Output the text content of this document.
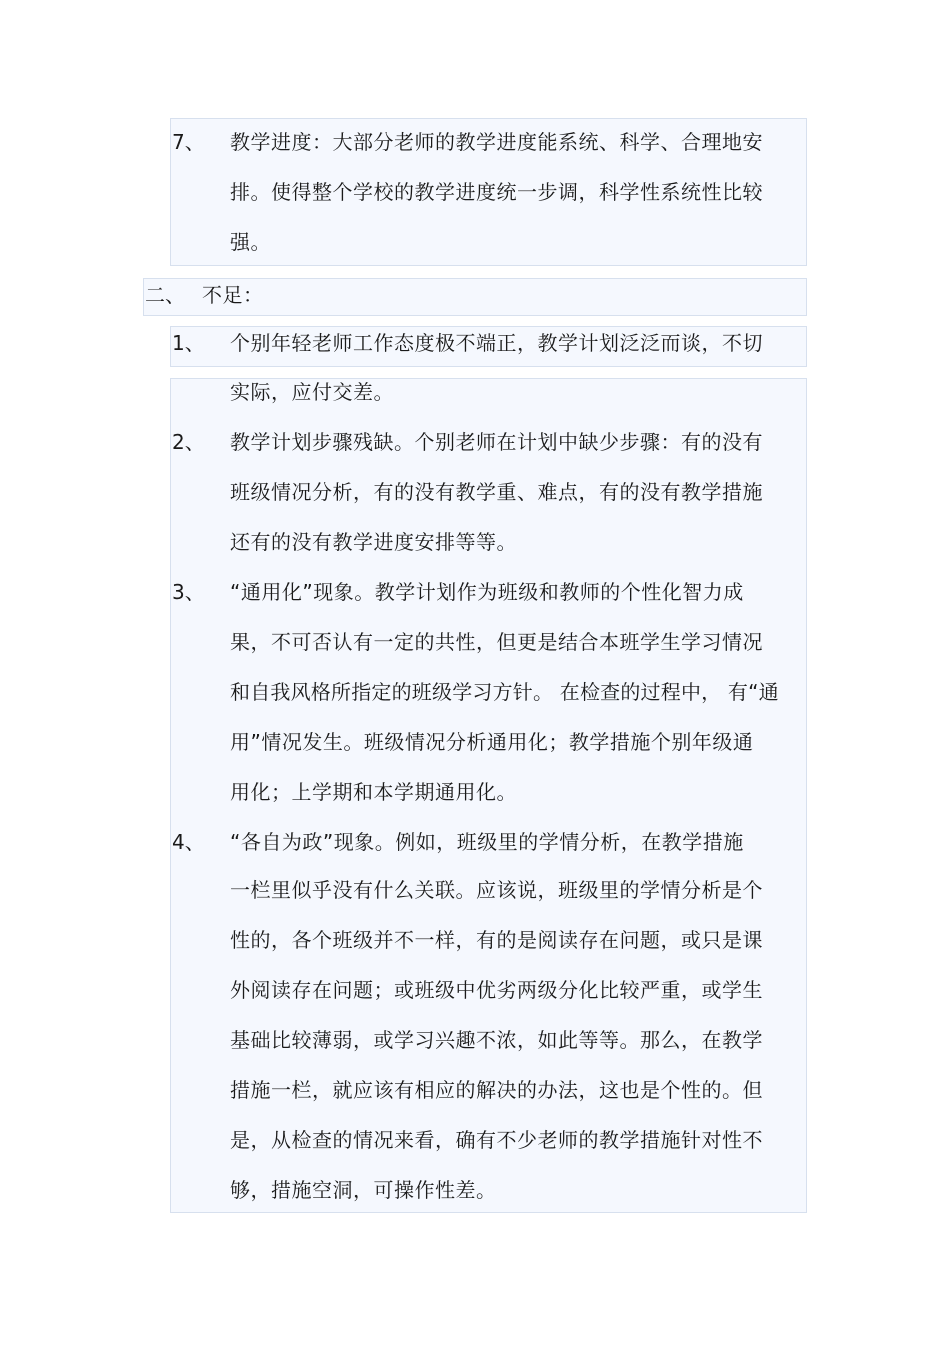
7、 教学进度：大部分老师的教学进度能系统、科学、合理地安
排。使得整个学校的教学进度统一步调，科学性系统性比较
强。
二、 不足：
1、 个别年轻老师工作态度极不端正，教学计划泛泛而谈，不切
实际，应付交差。
2、 教学计划步骤残缺。个别老师在计划中缺少步骤：有的没有
班级情况分析，有的没有教学重、难点，有的没有教学措施
还有的没有教学进度安排等等。
3、 “通用化”现象。教学计划作为班级和教师的个性化智力成
果，不可否认有一定的共性，但更是结合本班学生学习情况
和自我风格所指定的班级学习方针。 在检查的过程中， 有“通
用”情况发生。班级情况分析通用化；教学措施个别年级通
用化；上学期和本学期通用化。
4、 “各自为政”现象。例如，班级里的学情分析，在教学措施
一栏里似乎没有什么关联。应该说，班级里的学情分析是个
性的，各个班级并不一样，有的是阅读存在问题，或只是课
外阅读存在问题；或班级中优劣两级分化比较严重，或学生
基础比较薄弱，或学习兴趣不浓，如此等等。那么，在教学
措施一栏，就应该有相应的解决的办法，这也是个性的。但
是，从检查的情况来看，确有不少老师的教学措施针对性不
够，措施空洞，可操作性差。
